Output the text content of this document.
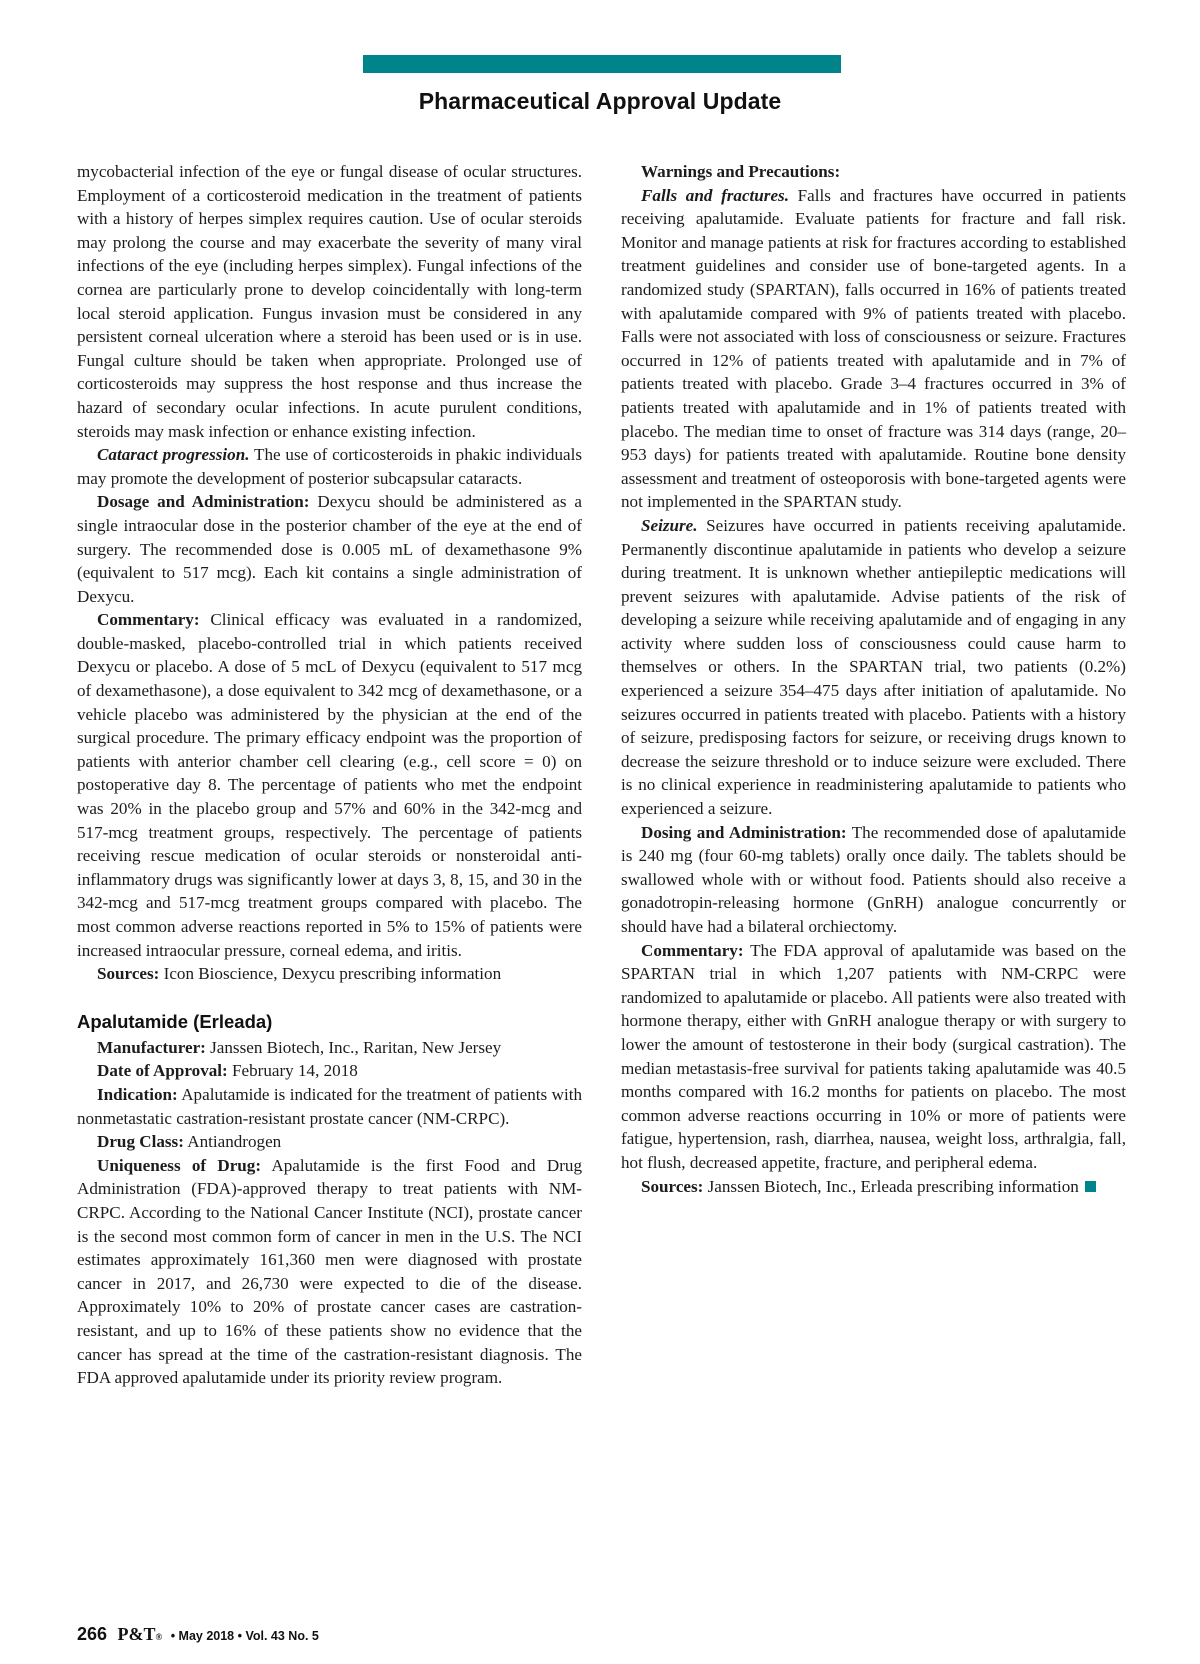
Pharmaceutical Approval Update

mycobacterial infection of the eye or fungal disease of ocular structures. Employment of a corticosteroid medication in the treatment of patients with a history of herpes simplex requires caution. Use of ocular steroids may prolong the course and may exacerbate the severity of many viral infections of the eye (including herpes simplex). Fungal infections of the cornea are particularly prone to develop coincidentally with long-term local steroid application. Fungus invasion must be considered in any persistent corneal ulceration where a steroid has been used or is in use. Fungal culture should be taken when appropriate. Prolonged use of corticosteroids may suppress the host response and thus increase the hazard of secondary ocular infections. In acute purulent conditions, steroids may mask infection or enhance existing infection.

Cataract progression. The use of corticosteroids in phakic individuals may promote the development of posterior subcapsular cataracts.

Dosage and Administration: Dexycu should be administered as a single intraocular dose in the posterior chamber of the eye at the end of surgery. The recommended dose is 0.005 mL of dexamethasone 9% (equivalent to 517 mcg). Each kit contains a single administration of Dexycu.

Commentary: Clinical efficacy was evaluated in a randomized, double-masked, placebo-controlled trial in which patients received Dexycu or placebo. A dose of 5 mcL of Dexycu (equivalent to 517 mcg of dexamethasone), a dose equivalent to 342 mcg of dexamethasone, or a vehicle placebo was administered by the physician at the end of the surgical procedure. The primary efficacy endpoint was the proportion of patients with anterior chamber cell clearing (e.g., cell score = 0) on postoperative day 8. The percentage of patients who met the endpoint was 20% in the placebo group and 57% and 60% in the 342-mcg and 517-mcg treatment groups, respectively. The percentage of patients receiving rescue medication of ocular steroids or nonsteroidal anti-inflammatory drugs was significantly lower at days 3, 8, 15, and 30 in the 342-mcg and 517-mcg treatment groups compared with placebo. The most common adverse reactions reported in 5% to 15% of patients were increased intraocular pressure, corneal edema, and iritis.

Sources: Icon Bioscience, Dexycu prescribing information

Apalutamide (Erleada)

Manufacturer: Janssen Biotech, Inc., Raritan, New Jersey

Date of Approval: February 14, 2018

Indication: Apalutamide is indicated for the treatment of patients with nonmetastatic castration-resistant prostate cancer (NM-CRPC).

Drug Class: Antiandrogen

Uniqueness of Drug: Apalutamide is the first Food and Drug Administration (FDA)-approved therapy to treat patients with NM-CRPC. According to the National Cancer Institute (NCI), prostate cancer is the second most common form of cancer in men in the U.S. The NCI estimates approximately 161,360 men were diagnosed with prostate cancer in 2017, and 26,730 were expected to die of the disease. Approximately 10% to 20% of prostate cancer cases are castration-resistant, and up to 16% of these patients show no evidence that the cancer has spread at the time of the castration-resistant diagnosis. The FDA approved apalutamide under its priority review program.

Warnings and Precautions:

Falls and fractures. Falls and fractures have occurred in patients receiving apalutamide. Evaluate patients for fracture and fall risk. Monitor and manage patients at risk for fractures according to established treatment guidelines and consider use of bone-targeted agents. In a randomized study (SPARTAN), falls occurred in 16% of patients treated with apalutamide compared with 9% of patients treated with placebo. Falls were not associated with loss of consciousness or seizure. Fractures occurred in 12% of patients treated with apalutamide and in 7% of patients treated with placebo. Grade 3–4 fractures occurred in 3% of patients treated with apalutamide and in 1% of patients treated with placebo. The median time to onset of fracture was 314 days (range, 20–953 days) for patients treated with apalutamide. Routine bone density assessment and treatment of osteoporosis with bone-targeted agents were not implemented in the SPARTAN study.

Seizure. Seizures have occurred in patients receiving apalutamide. Permanently discontinue apalutamide in patients who develop a seizure during treatment. It is unknown whether antiepileptic medications will prevent seizures with apalutamide. Advise patients of the risk of developing a seizure while receiving apalutamide and of engaging in any activity where sudden loss of consciousness could cause harm to themselves or others. In the SPARTAN trial, two patients (0.2%) experienced a seizure 354–475 days after initiation of apalutamide. No seizures occurred in patients treated with placebo. Patients with a history of seizure, predisposing factors for seizure, or receiving drugs known to decrease the seizure threshold or to induce seizure were excluded. There is no clinical experience in readministering apalutamide to patients who experienced a seizure.

Dosing and Administration: The recommended dose of apalutamide is 240 mg (four 60-mg tablets) orally once daily. The tablets should be swallowed whole with or without food. Patients should also receive a gonadotropin-releasing hormone (GnRH) analogue concurrently or should have had a bilateral orchiectomy.

Commentary: The FDA approval of apalutamide was based on the SPARTAN trial in which 1,207 patients with NM-CRPC were randomized to apalutamide or placebo. All patients were also treated with hormone therapy, either with GnRH analogue therapy or with surgery to lower the amount of testosterone in their body (surgical castration). The median metastasis-free survival for patients taking apalutamide was 40.5 months compared with 16.2 months for patients on placebo. The most common adverse reactions occurring in 10% or more of patients were fatigue, hypertension, rash, diarrhea, nausea, weight loss, arthralgia, fall, hot flush, decreased appetite, fracture, and peripheral edema.

Sources: Janssen Biotech, Inc., Erleada prescribing information

266 P&T® • May 2018 • Vol. 43 No. 5
